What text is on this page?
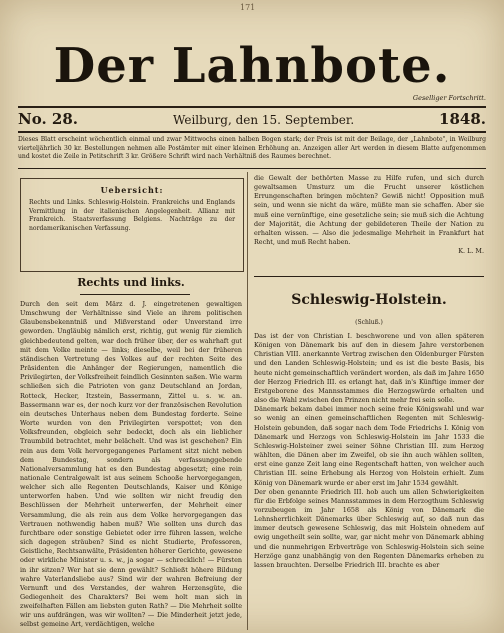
171
Der Lahnbote.
Geselliger Fortschritt.
No. 28.	Weilburg, den 15. September.	1848.
Dieses Blatt erscheint wöchentlich einmal und zwar Mittwochs einen halben Bogen stark; der Preis ist mit der Beilage, der „Lahnbote", in Weilburg vierteljährlich 30 kr. Bestellungen nehmen alle Postämter mit einer kleinen Erhöhung an. Anzeigen aller Art werden in diesem Blatte aufgenommen und kostet die Zeile in Petitschrift 3 kr. Größere Schrift wird nach Verhältniß des Raumes berechnet.
Uebersicht:
Rechts und Links. Schleswig-Holstein. Frankreichs und Englands Vermittlung in der italienischen Angelegenheit. Allianz mit Frankreich. Staatsverfassung Belgiens. Nachträge zu der nordamerikanischen Verfassung.
Rechts und links.

Durch den seit dem März d. J. eingetretenen gewaltigen Umschwung der Verhältnisse sind Viele an ihrem politischen Glaubensbekenntniß und Mißverstand oder Unverstand irre geworden. Ungläubig nämlich erst, richtig, gut wenig für ziemlich gleichbedeutend gelten, war doch früher über, der es wahrhaft gut mit dem Volke meinte — links; dieselbe, weil bei der früheren ständischen Vertretung des Volkes auf der rechten Seite des Präsidenten die Anhänger der Regierungen, namentlich die Privilegirten, der Volksfreiheit feindlich Gesinnten saßen. Wie warm schließen sich die Patrioten von ganz Deutschland an Jordan, Rotteck, Hecker, Itzstein, Bassermann, Zittel u. s. w. an. Bassermann war es, der noch kurz vor der französischen Revolution ein deutsches Unterhaus neben dem Bundestag forderte. Seine Worte wurden von den Privilegirten verspottet; von den Volksfreunden, obgleich sehr bedeckt, doch als ein lieblicher Traumbild betrachtet, mehr belächelt. Und was ist geschehen? Ein rein aus dem Volk hervorgegangenes Parlament sitzt nicht neben dem Bundestag, sondern als verfassunggebende Nationalversammlung hat es den Bundestag abgesetzt; eine rein nationale Centralgewalt ist aus seinem Schooße hervorgegangen, welcher sich alle Regenten Deutschlands, Kaiser und Könige unterworfen haben. Und wie sollten wir nicht freudig den Beschlüssen der Mehrheit unterwerfen, der Mehrheit einer Versammlung, die als rein aus dem Volke hervorgegangen das Vertrauen nothwendig haben muß? Wie sollten uns durch das furchtbare oder sonstige Gebietet oder irre führen lassen, welche sich dagegen sträuben? Sind es nicht Studierte, Professoren, Geistliche, Rechtsanwälte, Präsidenten höherer Gerichte, gewesene oder wirkliche Minister u. s. w., ja sogar — schrecklich! — Fürsten in ihr sitzen? Wer hat sie denn gewählt? Schließt höhere Bildung wahre Vaterlandsliebe aus? Sind wir der wahren Befreiung der Vernunft und des Verstandes, der wahren Herzensgüte, die Gediegenheit des Charakters? Bei wem holt man sich in zweifelhaften Fällen am liebsten guten Rath? — Die Mehrheit sollte wir uns aufdrängen, was wir wollten? — Die Minderheit jetzt jede, selbst gemeine Art, verdächtigen, welche

die Gewalt der bethörten Masse zu Hilfe rufen, und sich durch gewaltsamen Umsturz um die Frucht unserer köstlichen Errungenschaften bringen möchten? Gewiß nicht! Opposition muß sein, und wenn sie nicht da wäre, müßte man sie schaffen. Aber sie muß eine vernünftige, eine gesetzliche sein; sie muß sich die Achtung der Majorität, die Achtung der gebildeteren Theile der Nation zu erhalten wissen. — Also die jedesmalige Mehrheit in Frankfurt hat Recht, und muß Recht haben.

K. L. M.

Schleswig-Holstein.
(Schluß.)

Das ist der von Christian I. beschworene und von allen späteren Königen von Dänemark bis auf den in diesem Jahre verstorbenen Christian VIII. anerkannte Vertrag zwischen den Oldenburger Fürsten und den Landen Schleswig-Holstein; und es ist die beste Basis, bis heute nicht gemeinschaftlich verändert worden, als daß im Jahre 1650 der Herzog Friedrich III. es erlangt hat, daß in's Künftige immer der Erstgeborene des Mannsstammes die Herzogswürde erhalten und also die Wahl zwischen den Prinzen nicht mehr frei sein solle.

Dänemark bekam dabei immer noch seine freie Königswahl und war so wenig an einen gemeinschaftlichen Regenten mit Schleswig-Holstein gebunden, daß sogar nach dem Tode Friedrichs I. König von Dänemark und Herzogs von Schleswig-Holstein im Jahr 1533 die Schleswig-Holsteiner zwei seiner Söhne Christian III. zum Herzog wählten, die Dänen aber im Zweifel, ob sie ihn auch wählen sollten, erst eine ganze Zeit lang eine Regentschaft hatten, von welcher auch Christian III. seine Erhebung als Herzog von Holstein erhielt. Zum König von Dänemark wurde er aber erst im Jahr 1534 gewählt.

Der oben genannte Friedrich III. hob auch um allen Schwierigkeiten für die Erbfolge seines Mannsstammes in dem Herzogthum Schleswig vorzubeugen im Jahr 1658 als König von Dänemark die Lehnsherrlichkeit Dänemarks über Schleswig auf, so daß nun das immer deutsch gewesene Schleswig, das mit Holstein ohnedem auf ewig ungetheilt sein sollte, war, gar nicht mehr von Dänemark abhing und die nunmehrigen Erbverträge von Schleswig-Holstein sich seine Herzöge ganz unabhängig von den Regenten Dänemarks erheben zu lassen brauchten. Derselbe Friedrich III. brachte es aber
